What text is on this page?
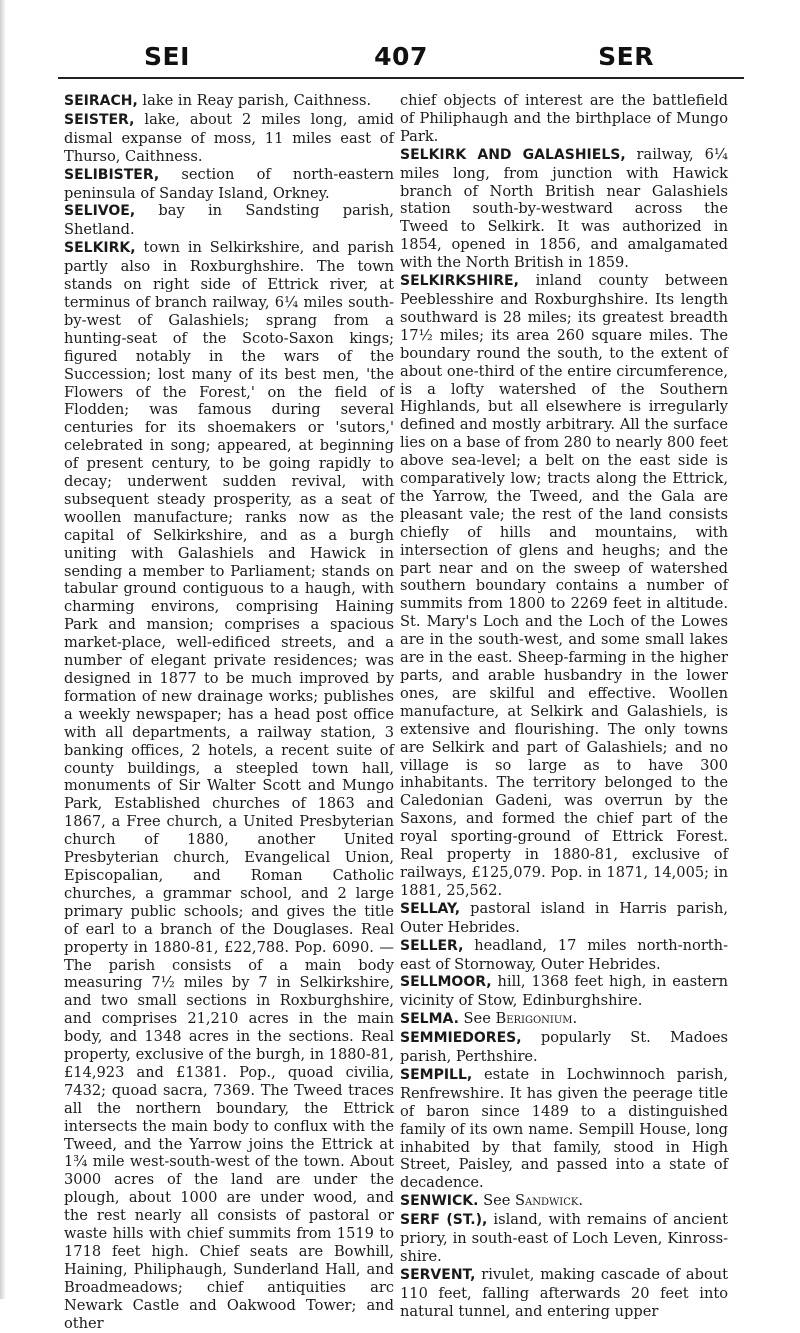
SEI	407	SER

SEIRACH, lake in Reay parish, Caithness.

SEISTER, lake, about 2 miles long, amid dismal expanse of moss, 11 miles east of Thurso, Caithness.

SELIBISTER, section of north-eastern peninsula of Sanday Island, Orkney.

SELIVOE, bay in Sandsting parish, Shetland.

SELKIRK, town in Selkirkshire, and parish partly also in Roxburghshire. The town stands on right side of Ettrick river, at terminus of branch railway, 6¼ miles south-by-west of Galashiels; sprang from a hunting-seat of the Scoto-Saxon kings; figured notably in the wars of the Succession; lost many of its best men, 'the Flowers of the Forest,' on the field of Flodden; was famous during several centuries for its shoemakers or 'sutors,' celebrated in song; appeared, at beginning of present century, to be going rapidly to decay; underwent sudden revival, with subsequent steady prosperity, as a seat of woollen manufacture; ranks now as the capital of Selkirkshire, and as a burgh uniting with Galashiels and Hawick in sending a member to Parliament; stands on tabular ground contiguous to a haugh, with charming environs, comprising Haining Park and mansion; comprises a spacious market-place, well-edificed streets, and a number of elegant private residences; was designed in 1877 to be much improved by formation of new drainage works; publishes a weekly newspaper; has a head post office with all departments, a railway station, 3 banking offices, 2 hotels, a recent suite of county buildings, a steepled town hall, monuments of Sir Walter Scott and Mungo Park, Established churches of 1863 and 1867, a Free church, a United Presbyterian church of 1880, another United Presbyterian church, Evangelical Union, Episcopalian, and Roman Catholic churches, a grammar school, and 2 large primary public schools; and gives the title of earl to a branch of the Douglases. Real property in 1880-81, £22,788. Pop. 6090. — The parish consists of a main body measuring 7½ miles by 7 in Selkirkshire, and two small sections in Roxburghshire, and comprises 21,210 acres in the main body, and 1348 acres in the sections. Real property, exclusive of the burgh, in 1880-81, £14,923 and £1381. Pop., quoad civilia, 7432; quoad sacra, 7369. The Tweed traces all the northern boundary, the Ettrick intersects the main body to conflux with the Tweed, and the Yarrow joins the Ettrick at 1¾ mile west-south-west of the town. About 3000 acres of the land are under the plough, about 1000 are under wood, and the rest nearly all consists of pastoral or waste hills with chief summits from 1519 to 1718 feet high. Chief seats are Bowhill, Haining, Philiphaugh, Sunderland Hall, and Broadmeadows; chief antiquities arc Newark Castle and Oakwood Tower; and other

chief objects of interest are the battlefield of Philiphaugh and the birthplace of Mungo Park.

SELKIRK AND GALASHIELS, railway, 6¼ miles long, from junction with Hawick branch of North British near Galashiels station south-by-westward across the Tweed to Selkirk. It was authorized in 1854, opened in 1856, and amalgamated with the North British in 1859.

SELKIRKSHIRE, inland county between Peeblesshire and Roxburghshire. Its length southward is 28 miles; its greatest breadth 17½ miles; its area 260 square miles. The boundary round the south, to the extent of about one-third of the entire circumference, is a lofty watershed of the Southern Highlands, but all elsewhere is irregularly defined and mostly arbitrary. All the surface lies on a base of from 280 to nearly 800 feet above sea-level; a belt on the east side is comparatively low; tracts along the Ettrick, the Yarrow, the Tweed, and the Gala are pleasant vale; the rest of the land consists chiefly of hills and mountains, with intersection of glens and heughs; and the part near and on the sweep of watershed southern boundary contains a number of summits from 1800 to 2269 feet in altitude. St. Mary's Loch and the Loch of the Lowes are in the south-west, and some small lakes are in the east. Sheep-farming in the higher parts, and arable husbandry in the lower ones, are skilful and effective. Woollen manufacture, at Selkirk and Galashiels, is extensive and flourishing. The only towns are Selkirk and part of Galashiels; and no village is so large as to have 300 inhabitants. The territory belonged to the Caledonian Gadeni, was overrun by the Saxons, and formed the chief part of the royal sporting-ground of Ettrick Forest. Real property in 1880-81, exclusive of railways, £125,079. Pop. in 1871, 14,005; in 1881, 25,562.

SELLAY, pastoral island in Harris parish, Outer Hebrides.

SELLER, headland, 17 miles north-north-east of Stornoway, Outer Hebrides.

SELLMOOR, hill, 1368 feet high, in eastern vicinity of Stow, Edinburghshire.

SELMA. See Berigonium.

SEMMIEDORES, popularly St. Madoes parish, Perthshire.

SEMPILL, estate in Lochwinnoch parish, Renfrewshire. It has given the peerage title of baron since 1489 to a distinguished family of its own name. Sempill House, long inhabited by that family, stood in High Street, Paisley, and passed into a state of decadence.

SENWICK. See Sandwick.

SERF (ST.), island, with remains of ancient priory, in south-east of Loch Leven, Kinross-shire.

SERVENT, rivulet, making cascade of about 110 feet, falling afterwards 20 feet into natural tunnel, and entering upper
